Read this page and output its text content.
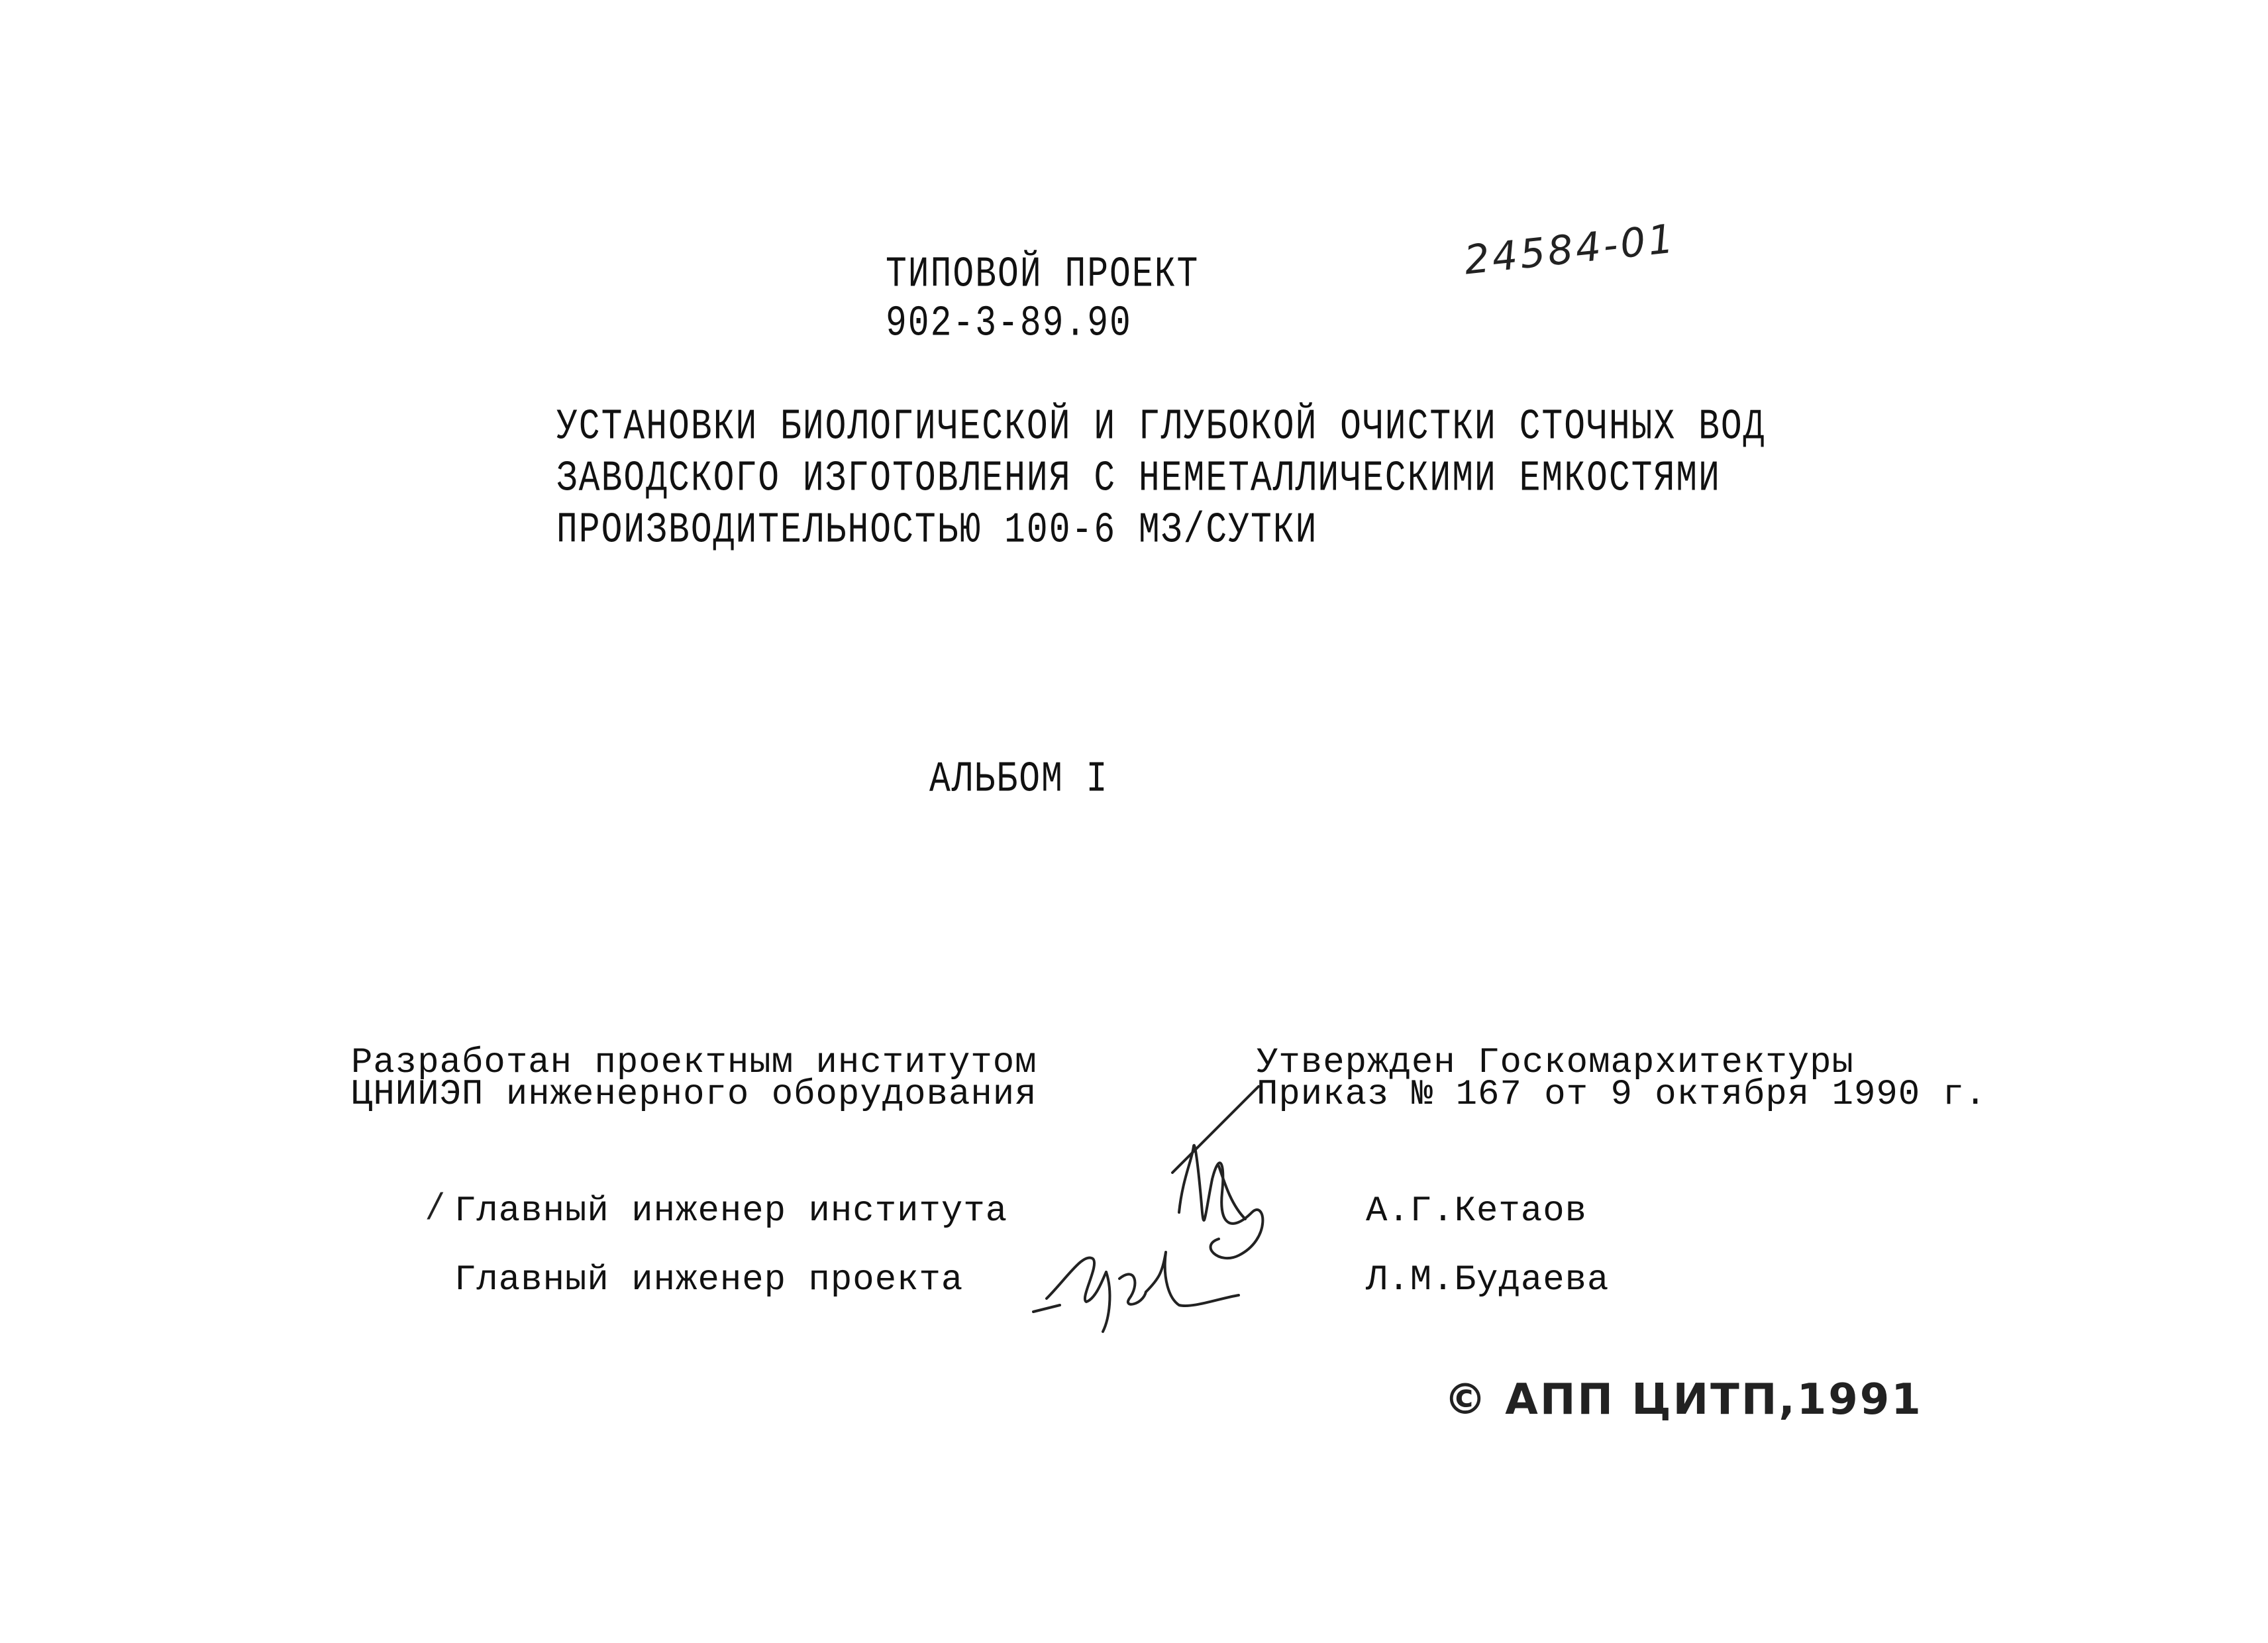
ТИПОВОЙ ПРОЕКТ
902-3-89.90
24584-01
УСТАНОВКИ БИОЛОГИЧЕСКОЙ И ГЛУБОКОЙ ОЧИСТКИ СТОЧНЫХ ВОД
ЗАВОДСКОГО ИЗГОТОВЛЕНИЯ С НЕМЕТАЛЛИЧЕСКИМИ ЕМКОСТЯМИ
ПРОИЗВОДИТЕЛЬНОСТЬЮ 100-6 МЗ/СУТКИ
АЛЬБОМ I
Разработан проектным институтом
ЦНИИЭП инженерного оборудования
Утвержден Госкомархитектуры
Приказ № 167 от 9 октября 1990 г.
/ Главный инженер института	А.Г.Кетаов
Главный инженер проекта	Л.М.Будаева
© АПП ЦИТП,1991
